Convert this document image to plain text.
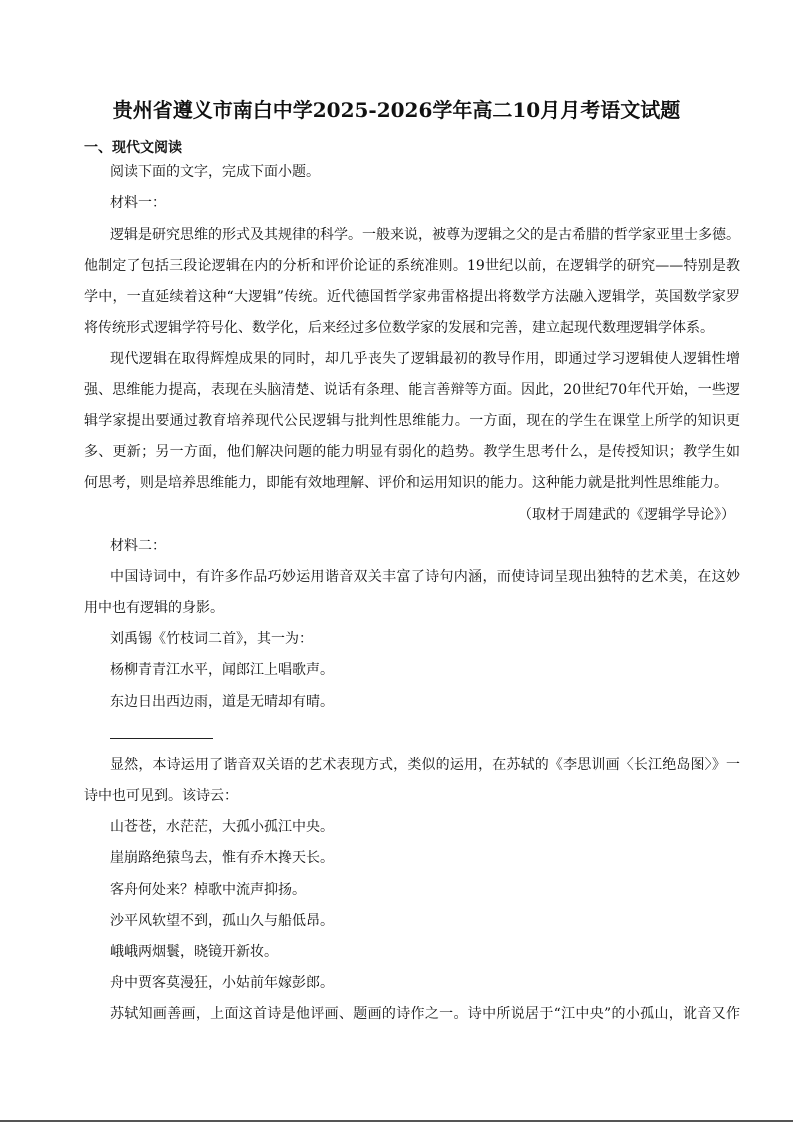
贵州省遵义市南白中学2025-2026学年高二10月月考语文试题
一、现代文阅读
阅读下面的文字，完成下面小题。
材料一：
逻辑是研究思维的形式及其规律的科学。一般来说，被尊为逻辑之父的是古希腊的哲学家亚里士多德。
他制定了包括三段论逻辑在内的分析和评价论证的系统准则。19世纪以前，在逻辑学的研究——特别是教
学中，一直延续着这种“大逻辑”传统。近代德国哲学家弗雷格提出将数学方法融入逻辑学，英国数学家罗
将传统形式逻辑学符号化、数学化，后来经过多位数学家的发展和完善，建立起现代数理逻辑学体系。
现代逻辑在取得辉煌成果的同时，却几乎丧失了逻辑最初的教导作用，即通过学习逻辑使人逻辑性增
强、思维能力提高，表现在头脑清楚、说话有条理、能言善辩等方面。因此，20世纪70年代开始，一些逻
辑学家提出要通过教育培养现代公民逻辑与批判性思维能力。一方面，现在的学生在课堂上所学的知识更
多、更新；另一方面，他们解决问题的能力明显有弱化的趋势。教学生思考什么，是传授知识；教学生如
何思考，则是培养思维能力，即能有效地理解、评价和运用知识的能力。这种能力就是批判性思维能力。
（取材于周建武的《逻辑学导论》）
材料二：
中国诗词中，有许多作品巧妙运用谐音双关丰富了诗句内涵，而使诗词呈现出独特的艺术美，在这妙
用中也有逻辑的身影。
刘禹锡《竹枝词二首》，其一为：
杨柳青青江水平，闻郎江上唱歌声。
东边日出西边雨，道是无晴却有晴。
显然，本诗运用了谐音双关语的艺术表现方式，类似的运用，在苏轼的《李思训画〈长江绝岛图〉》一
诗中也可见到。该诗云：
山苍苍，水茫茫，大孤小孤江中央。
崖崩路绝猿鸟去，惟有乔木搀天长。
客舟何处来？棹歌中流声抑扬。
沙平风软望不到，孤山久与船低昂。
峨峨两烟鬟，晓镜开新妆。
舟中贾客莫漫狂，小姑前年嫁彭郎。
苏轼知画善画，上面这首诗是他评画、题画的诗作之一。诗中所说居于“江中央”的小孤山，讹音又作
